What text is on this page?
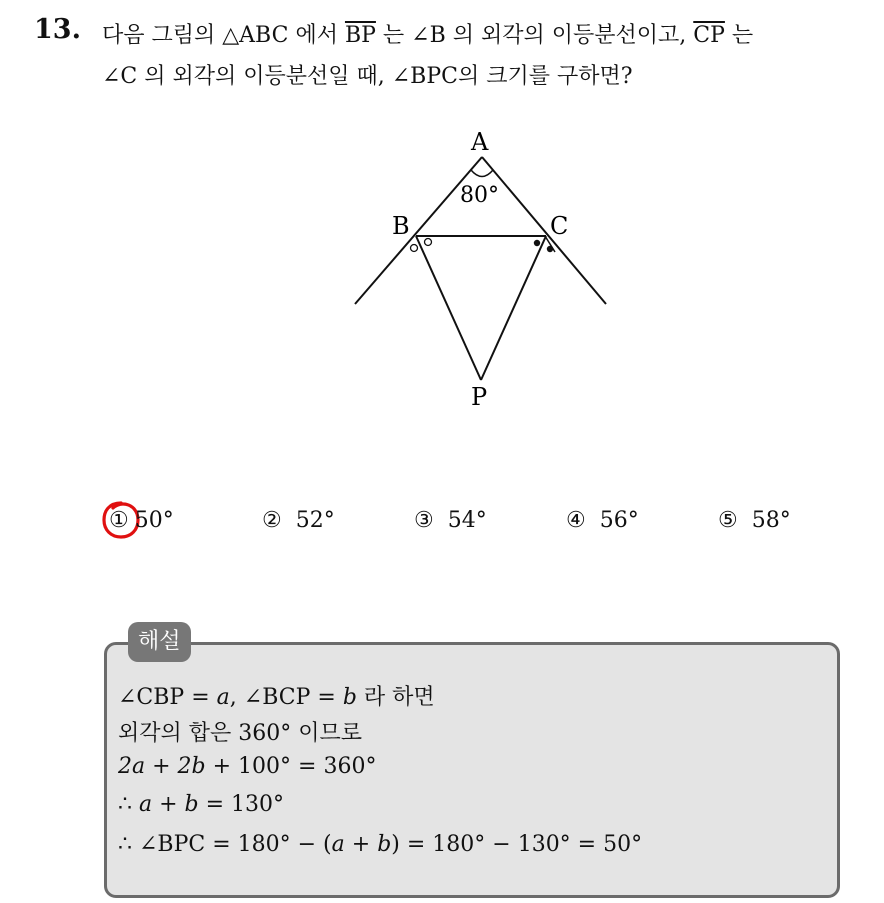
13. 다음 그림의 △ABC 에서 $\overline{BP}$ 는 ∠B 의 외각의 이등분선이고, $\overline{CP}$ 는
∠C 의 외각의 이등분선일 때, ∠BPC의 크기를 구하면?
A
80°
B	C
P
① 50°	② 52°	③ 54°	④ 56°	⑤ 58°
해설
∠CBP = a, ∠BCP = b 라 하면
외각의 합은 360° 이므로
2a + 2b + 100° = 360°
∴ a + b = 130°
∴ ∠BPC = 180° − (a + b) = 180° − 130° = 50°
